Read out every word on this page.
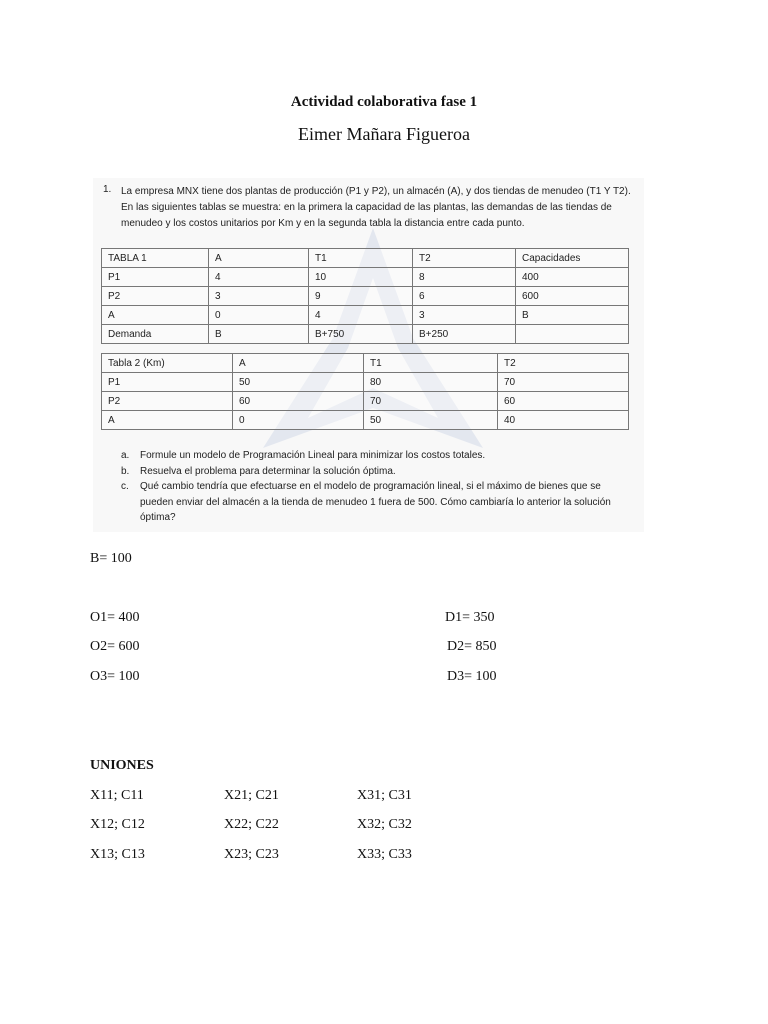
Actividad colaborativa fase 1
Eimer Mañara Figueroa
1. La empresa MNX tiene dos plantas de producción (P1 y P2), un almacén (A), y dos tiendas de menudeo (T1 Y T2). En las siguientes tablas se muestra: en la primera la capacidad de las plantas, las demandas de las tiendas de menudeo y los costos unitarios por Km y en la segunda tabla la distancia entre cada punto.
TABLA 1	A	T1	T2	Capacidades
P1	4	10	8	400
P2	3	9	6	600
A	0	4	3	B
Demanda	B	B+750	B+250	
Tabla 2 (Km)	A	T1	T2
P1	50	80	70
P2	60	70	60
A	0	50	40
a.	Formule un modelo de Programación Lineal para minimizar los costos totales.
b.	Resuelva el problema para determinar la solución óptima.
c.	Qué cambio tendría que efectuarse en el modelo de programación lineal, si el máximo de bienes que se pueden enviar del almacén a la tienda de menudeo 1 fuera de 500. Cómo cambiaría lo anterior la solución óptima?
B= 100
O1= 400
O2= 600
O3= 100
D1= 350
D2= 850
D3= 100
UNIONES
X11; C11
X12; C12
X13; C13
X21; C21
X22; C22
X23; C23
X31; C31
X32; C32
X33; C33
